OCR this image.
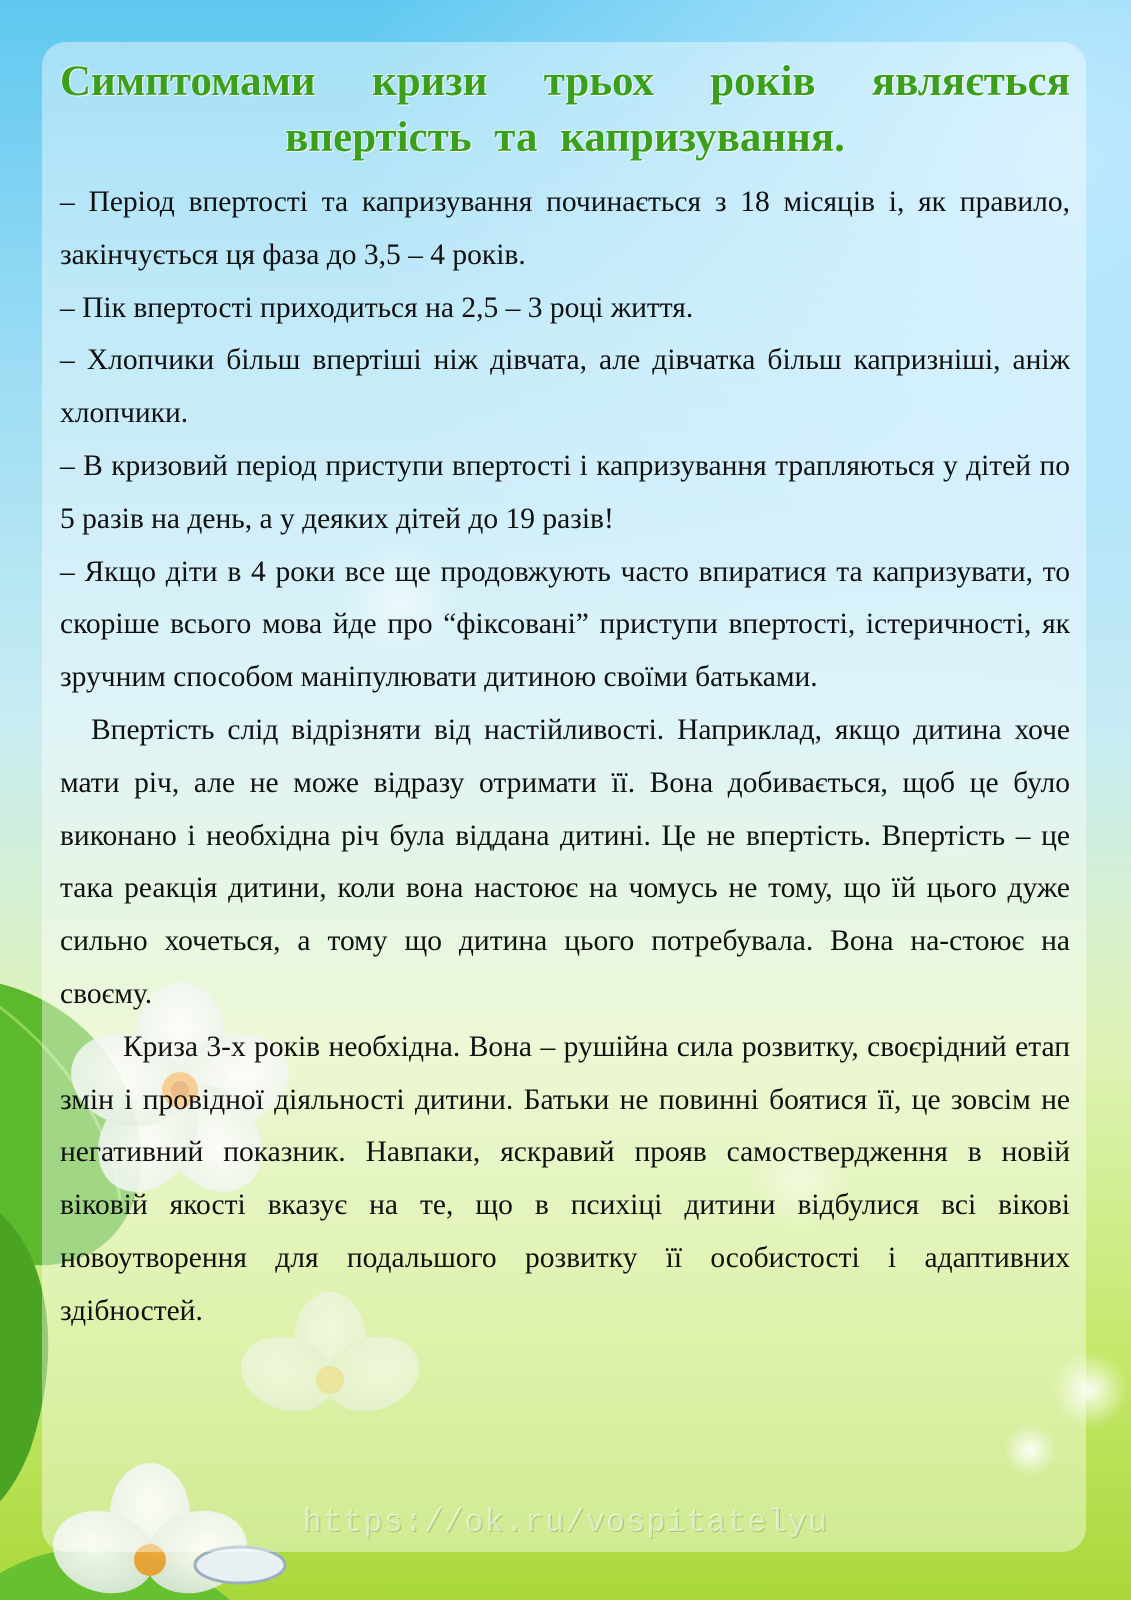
Симптомами кризи трьох років являється впертість та капризування.

– Період впертості та капризування починається з 18 місяців і, як правило, закінчується ця фаза до 3,5 – 4 років.

– Пік впертості приходиться на 2,5 – 3 році життя.

– Хлопчики більш впертіші ніж дівчата, але дівчатка більш капризніші, аніж хлопчики.

– В кризовий період приступи впертості і капризування трапляються у дітей по 5 разів на день, а у деяких дітей до 19 разів!

– Якщо діти в 4 роки все ще продовжують часто впиратися та капризувати, то скоріше всього мова йде про “фіксовані” приступи впертості, істеричності, як зручним способом маніпулювати дитиною своїми батьками.

Впертість слід відрізняти від настійливості. Наприклад, якщо дитина хоче мати річ, але не може відразу отримати її. Вона добивається, щоб це було виконано і необхідна річ була віддана дитині. Це не впертість. Впертість – це така реакція дитини, коли вона настоює на чомусь не тому, що їй цього дуже сильно хочеться, а тому що дитина цього потребувала. Вона на-стоює на своєму.

Криза 3-х років необхідна. Вона – рушійна сила розвитку, своєрідний етап змін і провідної діяльності дитини. Батьки не повинні боятися її, це зовсім не негативний показник. Навпаки, яскравий прояв самоствердження в новій віковій якості вказує на те, що в психіці дитини відбулися всі вікові новоутворення для подальшого розвитку її особистості і адаптивних здібностей.

https://ok.ru/vospitatelyu
